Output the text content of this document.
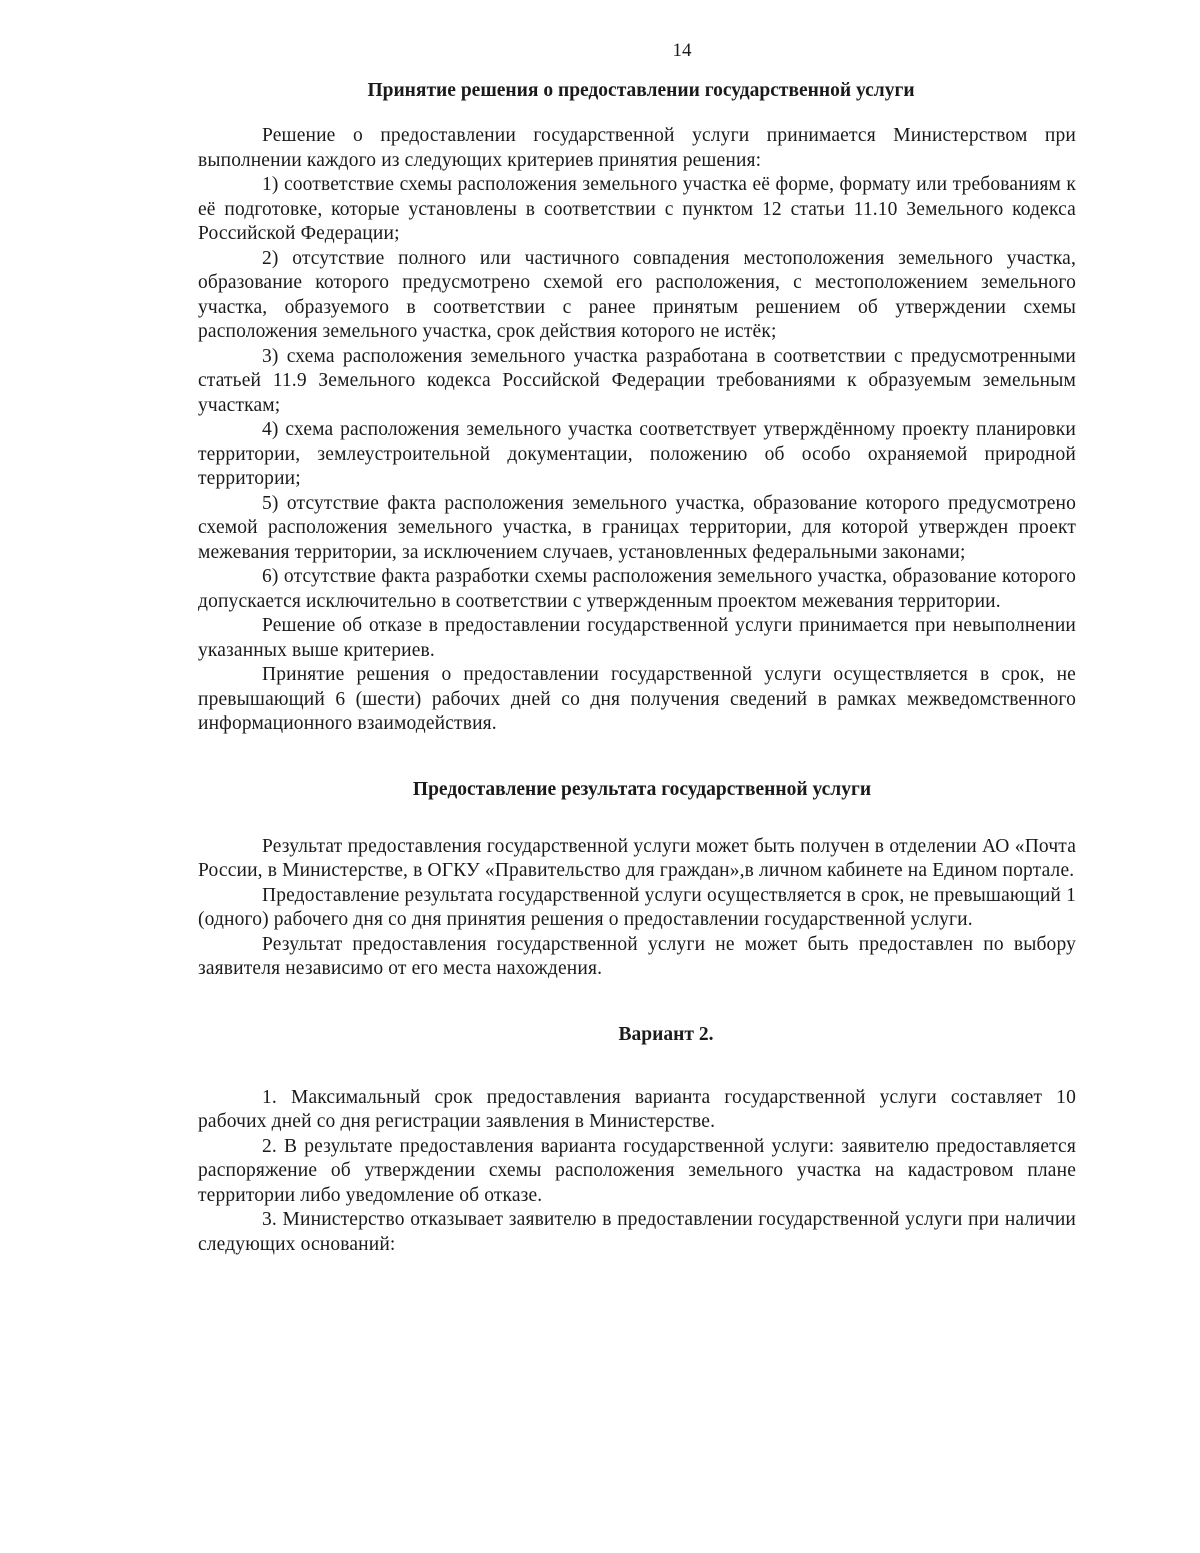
14
Принятие решения о предоставлении государственной услуги

Решение о предоставлении государственной услуги принимается Министерством при выполнении каждого из следующих критериев принятия решения:

1) соответствие схемы расположения земельного участка её форме, формату или требованиям к её подготовке, которые установлены в соответствии с пунктом 12 статьи 11.10 Земельного кодекса Российской Федерации;

2) отсутствие полного или частичного совпадения местоположения земельного участка, образование которого предусмотрено схемой его расположения, с местоположением земельного участка, образуемого в соответствии с ранее принятым решением об утверждении схемы расположения земельного участка, срок действия которого не истёк;

3) схема расположения земельного участка разработана в соответствии с предусмотренными статьей 11.9 Земельного кодекса Российской Федерации требованиями к образуемым земельным участкам;

4) схема расположения земельного участка соответствует утверждённому проекту планировки территории, землеустроительной документации, положению об особо охраняемой природной территории;

5) отсутствие факта расположения земельного участка, образование которого предусмотрено схемой расположения земельного участка, в границах территории, для которой утвержден проект межевания территории, за исключением случаев, установленных федеральными законами;

6) отсутствие факта разработки схемы расположения земельного участка, образование которого допускается исключительно в соответствии с утвержденным проектом межевания территории.

Решение об отказе в предоставлении государственной услуги принимается при невыполнении указанных выше критериев.

Принятие решения о предоставлении государственной услуги осуществляется в срок, не превышающий 6 (шести) рабочих дней со дня получения сведений в рамках межведомственного информационного взаимодействия.

Предоставление результата государственной услуги

Результат предоставления государственной услуги может быть получен в отделении АО «Почта России, в Министерстве, в ОГКУ «Правительство для граждан»,в личном кабинете на Едином портале.

Предоставление результата государственной услуги осуществляется в срок, не превышающий 1 (одного) рабочего дня со дня принятия решения о предоставлении государственной услуги.

Результат предоставления государственной услуги не может быть предоставлен по выбору заявителя независимо от его места нахождения.

Вариант 2.

1. Максимальный срок предоставления варианта государственной услуги составляет 10 рабочих дней со дня регистрации заявления в Министерстве.

2. В результате предоставления варианта государственной услуги: заявителю предоставляется распоряжение об утверждении схемы расположения земельного участка на кадастровом плане территории либо уведомление об отказе.

3. Министерство отказывает заявителю в предоставлении государственной услуги при наличии следующих оснований:
